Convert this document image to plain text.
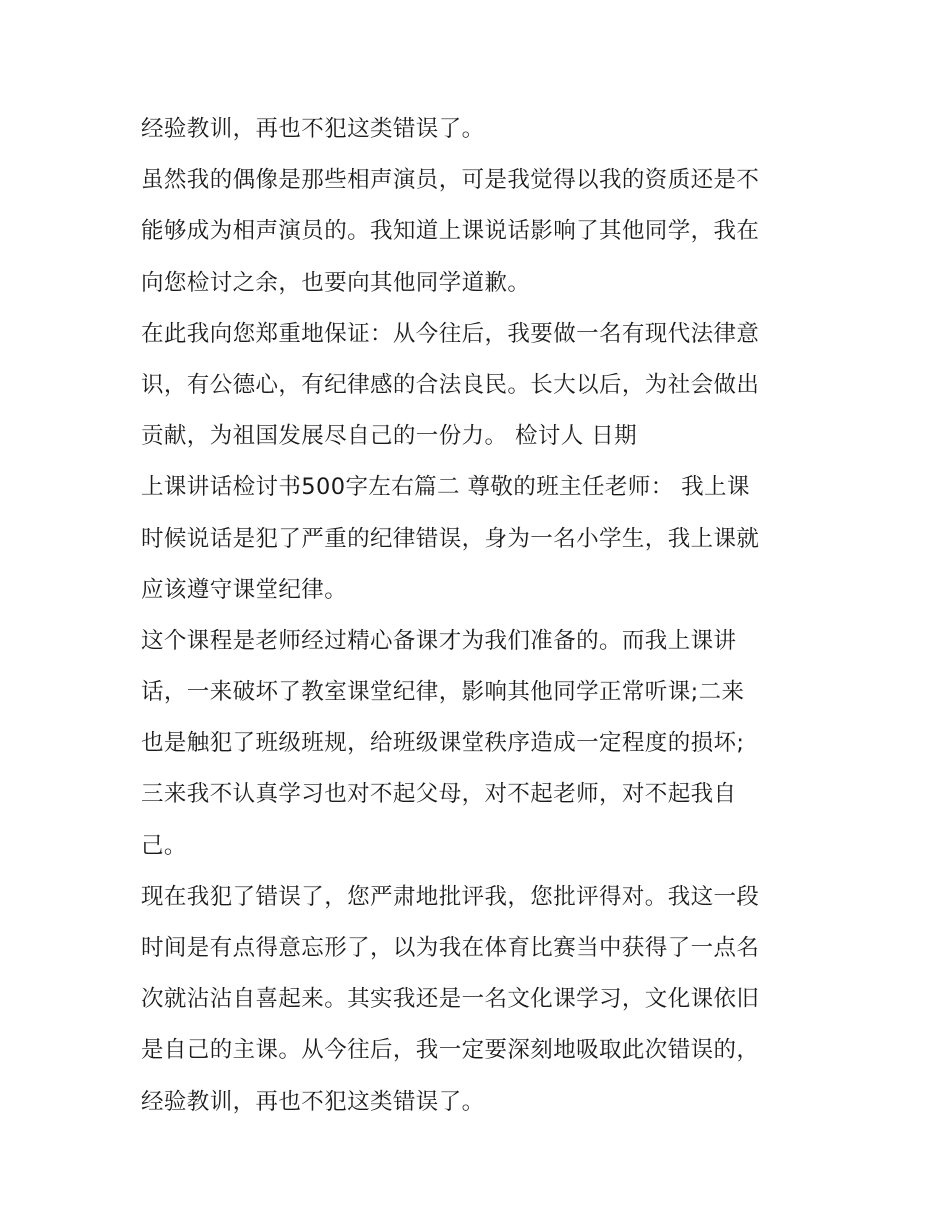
经验教训，再也不犯这类错误了。
虽然我的偶像是那些相声演员，可是我觉得以我的资质还是不
能够成为相声演员的。我知道上课说话影响了其他同学，我在
向您检讨之余，也要向其他同学道歉。
在此我向您郑重地保证：从今往后，我要做一名有现代法律意
识，有公德心，有纪律感的合法良民。长大以后，为社会做出
贡献，为祖国发展尽自己的一份力。 检讨人 日期
上课讲话检讨书500字左右篇二 尊敬的班主任老师： 我上课
时候说话是犯了严重的纪律错误，身为一名小学生，我上课就
应该遵守课堂纪律。
这个课程是老师经过精心备课才为我们准备的。而我上课讲
话，一来破坏了教室课堂纪律，影响其他同学正常听课;二来
也是触犯了班级班规，给班级课堂秩序造成一定程度的损坏;
三来我不认真学习也对不起父母，对不起老师，对不起我自
己。
现在我犯了错误了，您严肃地批评我，您批评得对。我这一段
时间是有点得意忘形了，以为我在体育比赛当中获得了一点名
次就沾沾自喜起来。其实我还是一名文化课学习，文化课依旧
是自己的主课。从今往后，我一定要深刻地吸取此次错误的，
经验教训，再也不犯这类错误了。
